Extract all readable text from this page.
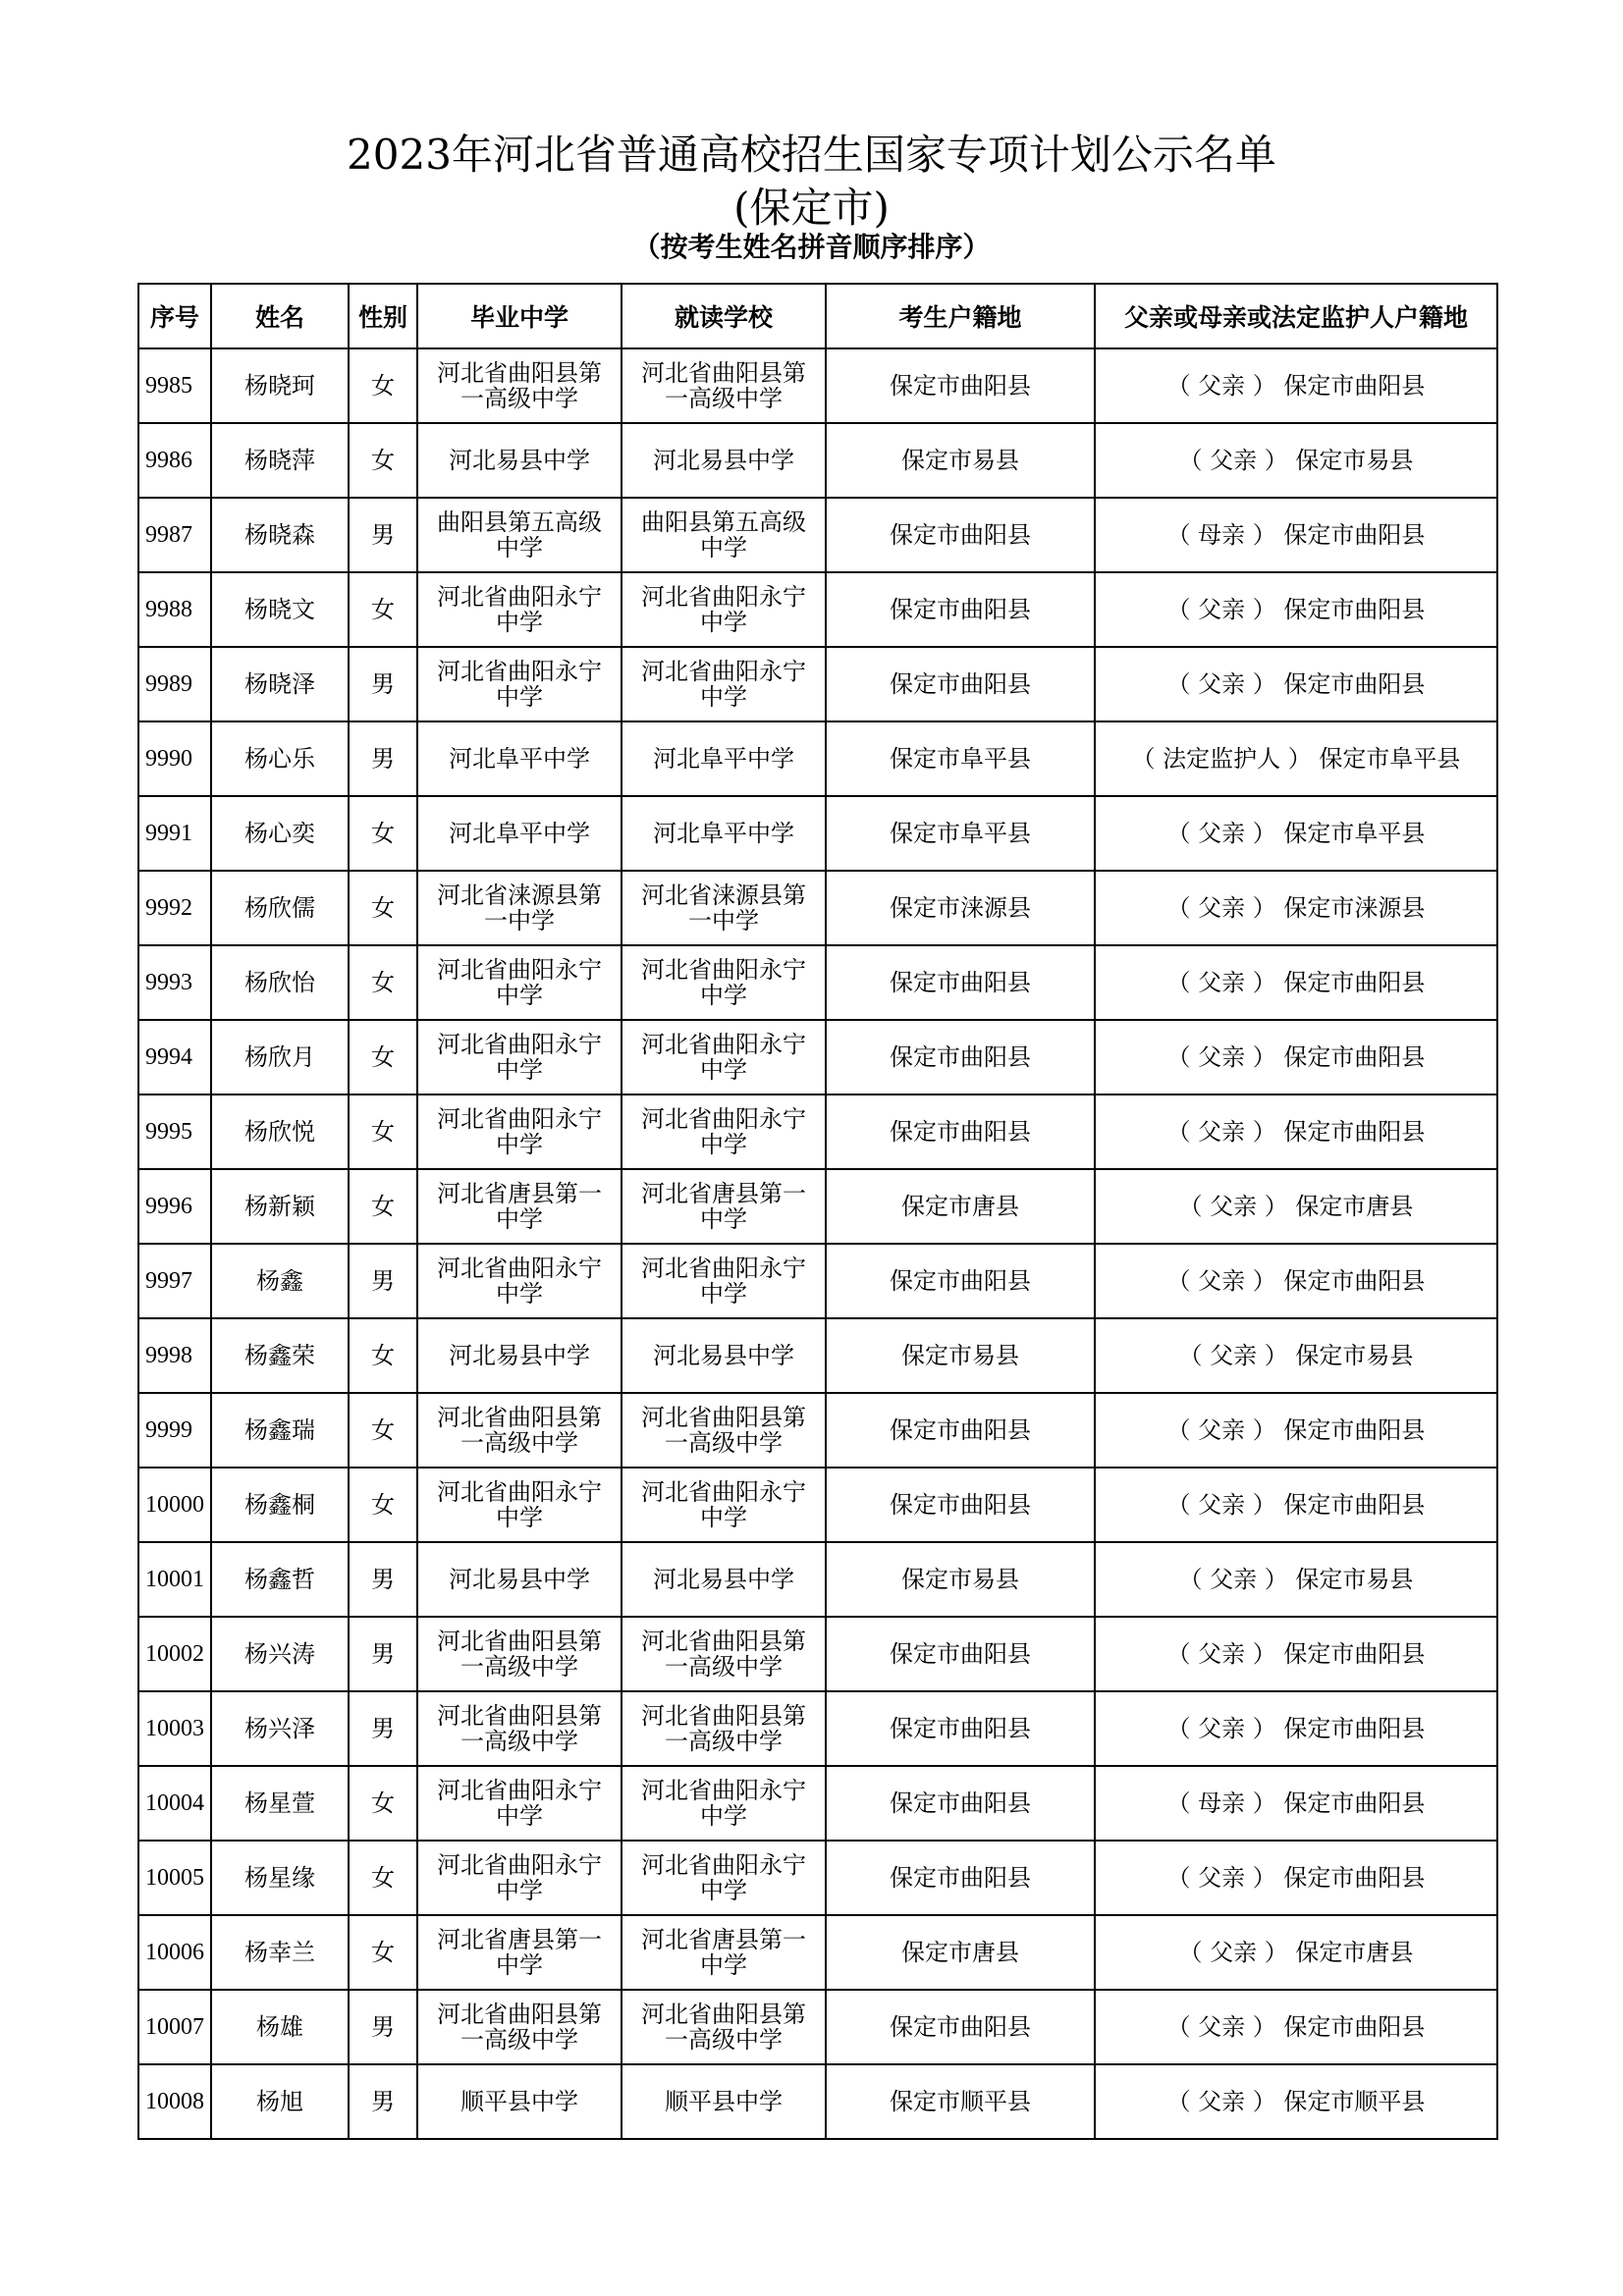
2023年河北省普通高校招生国家专项计划公示名单
(保定市)
（按考生姓名拼音顺序排序）
序号	姓名	性别	毕业中学	就读学校	考生户籍地	父亲或母亲或法定监护人户籍地
9985	杨晓珂	女	河北省曲阳县第一高级中学	河北省曲阳县第一高级中学	保定市曲阳县	（ 父亲 ） 保定市曲阳县
9986	杨晓萍	女	河北易县中学	河北易县中学	保定市易县	（ 父亲 ） 保定市易县
9987	杨晓森	男	曲阳县第五高级中学	曲阳县第五高级中学	保定市曲阳县	（ 母亲 ） 保定市曲阳县
9988	杨晓文	女	河北省曲阳永宁中学	河北省曲阳永宁中学	保定市曲阳县	（ 父亲 ） 保定市曲阳县
9989	杨晓泽	男	河北省曲阳永宁中学	河北省曲阳永宁中学	保定市曲阳县	（ 父亲 ） 保定市曲阳县
9990	杨心乐	男	河北阜平中学	河北阜平中学	保定市阜平县	（ 法定监护人 ） 保定市阜平县
9991	杨心奕	女	河北阜平中学	河北阜平中学	保定市阜平县	（ 父亲 ） 保定市阜平县
9992	杨欣儒	女	河北省涞源县第一中学	河北省涞源县第一中学	保定市涞源县	（ 父亲 ） 保定市涞源县
9993	杨欣怡	女	河北省曲阳永宁中学	河北省曲阳永宁中学	保定市曲阳县	（ 父亲 ） 保定市曲阳县
9994	杨欣月	女	河北省曲阳永宁中学	河北省曲阳永宁中学	保定市曲阳县	（ 父亲 ） 保定市曲阳县
9995	杨欣悦	女	河北省曲阳永宁中学	河北省曲阳永宁中学	保定市曲阳县	（ 父亲 ） 保定市曲阳县
9996	杨新颖	女	河北省唐县第一中学	河北省唐县第一中学	保定市唐县	（ 父亲 ） 保定市唐县
9997	杨鑫	男	河北省曲阳永宁中学	河北省曲阳永宁中学	保定市曲阳县	（ 父亲 ） 保定市曲阳县
9998	杨鑫荣	女	河北易县中学	河北易县中学	保定市易县	（ 父亲 ） 保定市易县
9999	杨鑫瑞	女	河北省曲阳县第一高级中学	河北省曲阳县第一高级中学	保定市曲阳县	（ 父亲 ） 保定市曲阳县
10000	杨鑫桐	女	河北省曲阳永宁中学	河北省曲阳永宁中学	保定市曲阳县	（ 父亲 ） 保定市曲阳县
10001	杨鑫哲	男	河北易县中学	河北易县中学	保定市易县	（ 父亲 ） 保定市易县
10002	杨兴涛	男	河北省曲阳县第一高级中学	河北省曲阳县第一高级中学	保定市曲阳县	（ 父亲 ） 保定市曲阳县
10003	杨兴泽	男	河北省曲阳县第一高级中学	河北省曲阳县第一高级中学	保定市曲阳县	（ 父亲 ） 保定市曲阳县
10004	杨星萱	女	河北省曲阳永宁中学	河北省曲阳永宁中学	保定市曲阳县	（ 母亲 ） 保定市曲阳县
10005	杨星缘	女	河北省曲阳永宁中学	河北省曲阳永宁中学	保定市曲阳县	（ 父亲 ） 保定市曲阳县
10006	杨幸兰	女	河北省唐县第一中学	河北省唐县第一中学	保定市唐县	（ 父亲 ） 保定市唐县
10007	杨雄	男	河北省曲阳县第一高级中学	河北省曲阳县第一高级中学	保定市曲阳县	（ 父亲 ） 保定市曲阳县
10008	杨旭	男	顺平县中学	顺平县中学	保定市顺平县	（ 父亲 ） 保定市顺平县
